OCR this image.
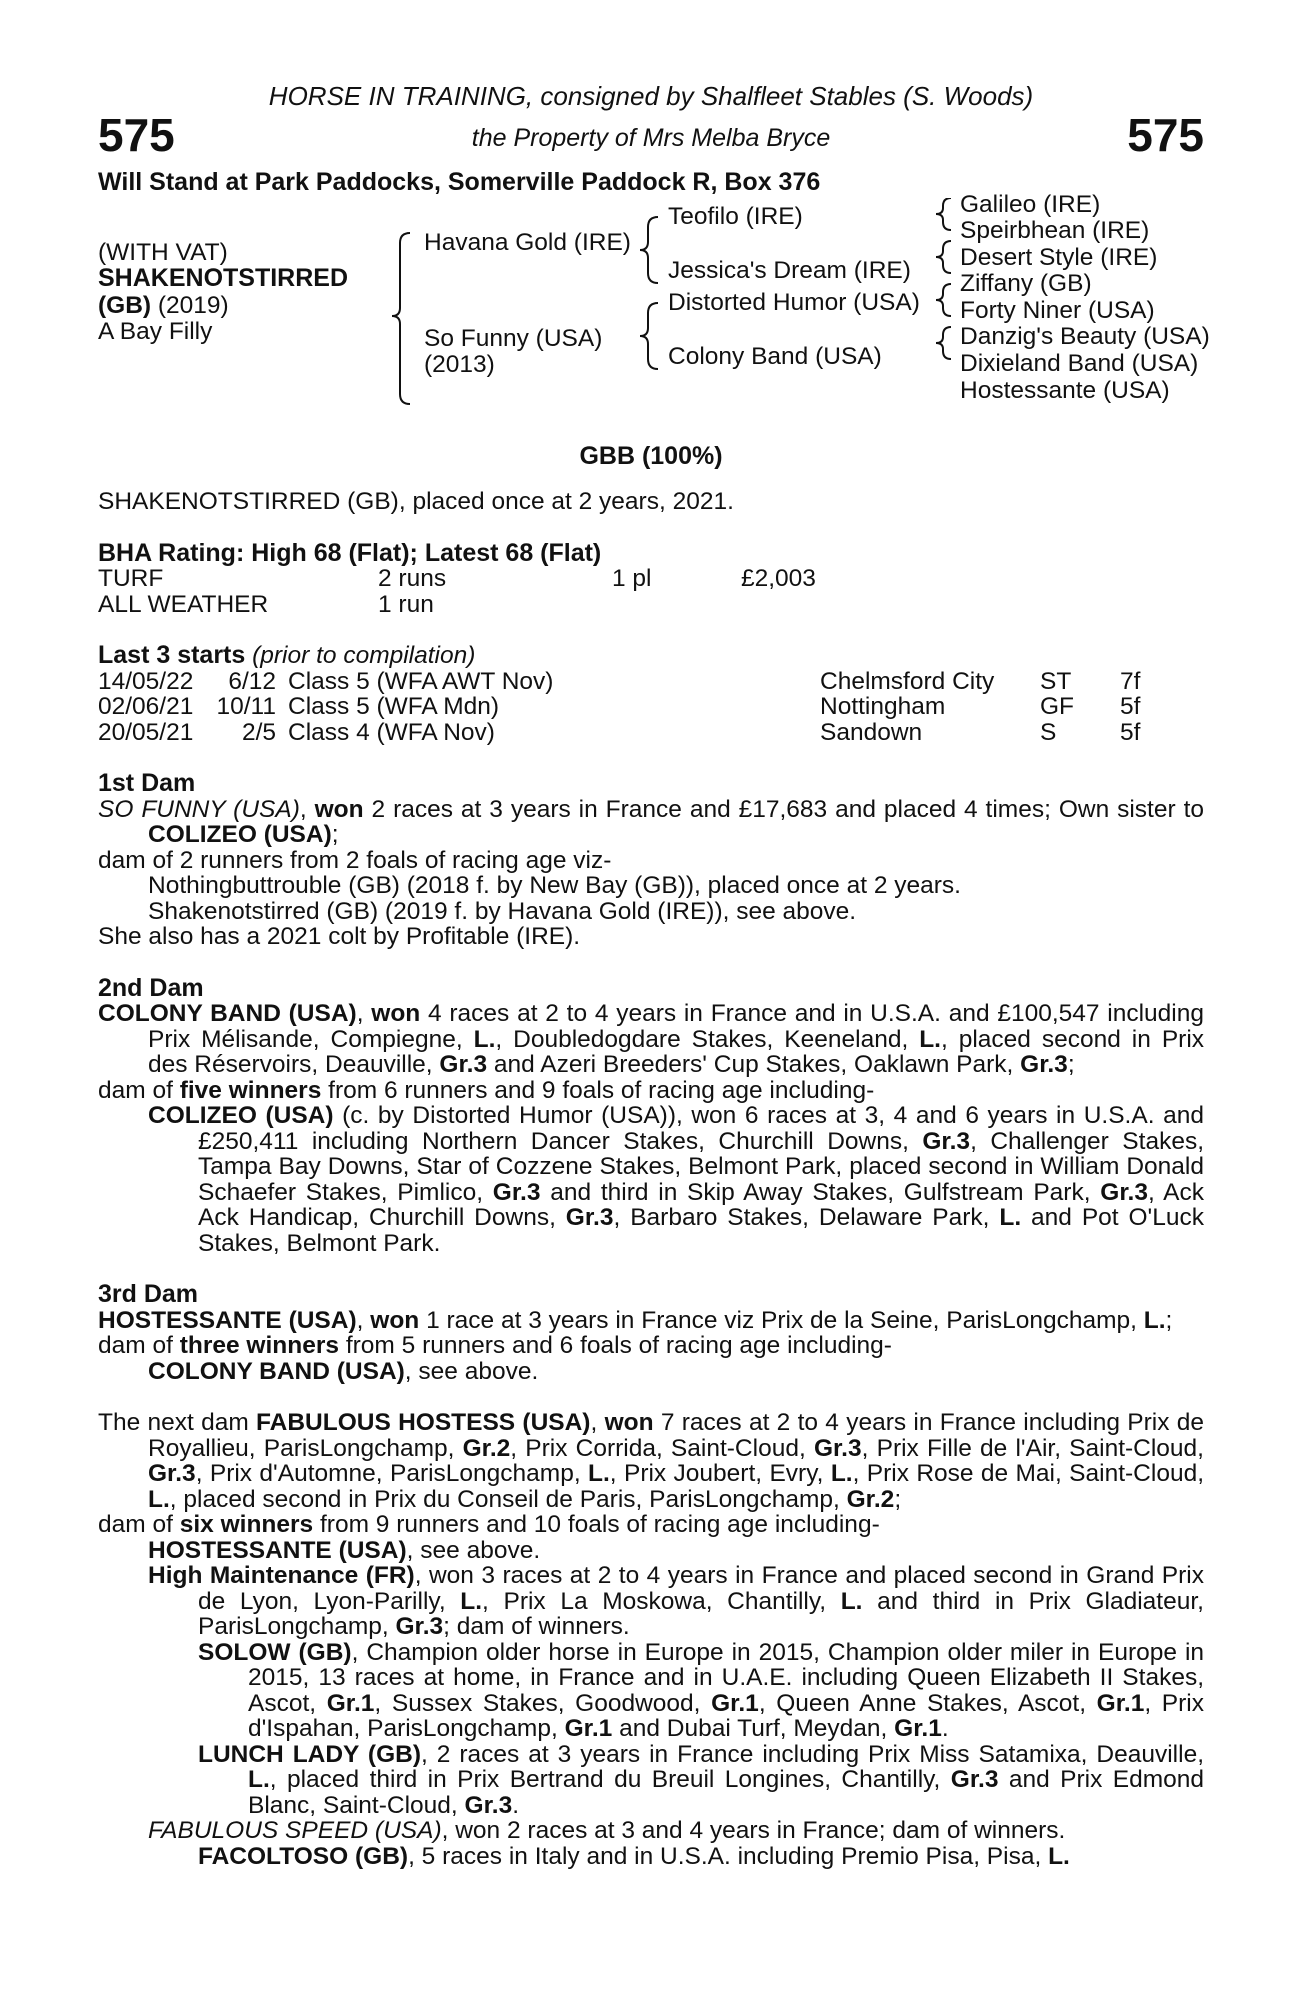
575
HORSE IN TRAINING, consigned by Shalfleet Stables (S. Woods)
the Property of Mrs Melba Bryce	575
Will Stand at Park Paddocks, Somerville Paddock R, Box 376
(WITH VAT)
SHAKENOTSTIRRED
(GB) (2019)
A Bay Filly
Havana Gold (IRE)
So Funny (USA)
(2013)
Teofilo (IRE)
Jessica's Dream (IRE)
Distorted Humor (USA)
Colony Band (USA)
Galileo (IRE)
Speirbhean (IRE)
Desert Style (IRE)
Ziffany (GB)
Forty Niner (USA)
Danzig's Beauty (USA)
Dixieland Band (USA)
Hostessante (USA)
GBB (100%)
SHAKENOTSTIRRED (GB), placed once at 2 years, 2021.
BHA Rating: High 68 (Flat); Latest 68 (Flat)
TURF	2 runs	1 pl	£2,003
ALL WEATHER	1 run
Last 3 starts (prior to compilation)
14/05/22	6/12 Class 5 (WFA AWT Nov)	Chelmsford City ST 7f
02/06/21 10/11 Class 5 (WFA Mdn)	Nottingham	GF 5f
20/05/21	2/5 Class 4 (WFA Nov)	Sandown	S	5f
1st Dam
SO FUNNY (USA), won 2 races at 3 years in France and £17,683 and placed 4 times; Own sister to COLIZEO (USA);
dam of 2 runners from 2 foals of racing age viz-
Nothingbuttrouble (GB) (2018 f. by New Bay (GB)), placed once at 2 years.
Shakenotstirred (GB) (2019 f. by Havana Gold (IRE)), see above.
She also has a 2021 colt by Profitable (IRE).
2nd Dam
COLONY BAND (USA), won 4 races at 2 to 4 years in France and in U.S.A. and £100,547 including Prix Mélisande, Compiegne, L., Doubledogdare Stakes, Keeneland, L., placed second in Prix des Réservoirs, Deauville, Gr.3 and Azeri Breeders' Cup Stakes, Oaklawn Park, Gr.3;
dam of five winners from 6 runners and 9 foals of racing age including-
COLIZEO (USA) (c. by Distorted Humor (USA)), won 6 races at 3, 4 and 6 years in U.S.A. and £250,411 including Northern Dancer Stakes, Churchill Downs, Gr.3, Challenger Stakes, Tampa Bay Downs, Star of Cozzene Stakes, Belmont Park, placed second in William Donald Schaefer Stakes, Pimlico, Gr.3 and third in Skip Away Stakes, Gulfstream Park, Gr.3, Ack Ack Handicap, Churchill Downs, Gr.3, Barbaro Stakes, Delaware Park, L. and Pot O'Luck Stakes, Belmont Park.
3rd Dam
HOSTESSANTE (USA), won 1 race at 3 years in France viz Prix de la Seine, ParisLongchamp, L.;
dam of three winners from 5 runners and 6 foals of racing age including-
COLONY BAND (USA), see above.
The next dam FABULOUS HOSTESS (USA), won 7 races at 2 to 4 years in France including Prix de Royallieu, ParisLongchamp, Gr.2, Prix Corrida, Saint-Cloud, Gr.3, Prix Fille de l'Air, Saint-Cloud, Gr.3, Prix d'Automne, ParisLongchamp, L., Prix Joubert, Evry, L., Prix Rose de Mai, Saint-Cloud, L., placed second in Prix du Conseil de Paris, ParisLongchamp, Gr.2;
dam of six winners from 9 runners and 10 foals of racing age including-
HOSTESSANTE (USA), see above.
High Maintenance (FR), won 3 races at 2 to 4 years in France and placed second in Grand Prix de Lyon, Lyon-Parilly, L., Prix La Moskowa, Chantilly, L. and third in Prix Gladiateur, ParisLongchamp, Gr.3; dam of winners.
SOLOW (GB), Champion older horse in Europe in 2015, Champion older miler in Europe in 2015, 13 races at home, in France and in U.A.E. including Queen Elizabeth II Stakes, Ascot, Gr.1, Sussex Stakes, Goodwood, Gr.1, Queen Anne Stakes, Ascot, Gr.1, Prix d'Ispahan, ParisLongchamp, Gr.1 and Dubai Turf, Meydan, Gr.1.
LUNCH LADY (GB), 2 races at 3 years in France including Prix Miss Satamixa, Deauville, L., placed third in Prix Bertrand du Breuil Longines, Chantilly, Gr.3 and Prix Edmond Blanc, Saint-Cloud, Gr.3.
FABULOUS SPEED (USA), won 2 races at 3 and 4 years in France; dam of winners.
FACOLTOSO (GB), 5 races in Italy and in U.S.A. including Premio Pisa, Pisa, L.
